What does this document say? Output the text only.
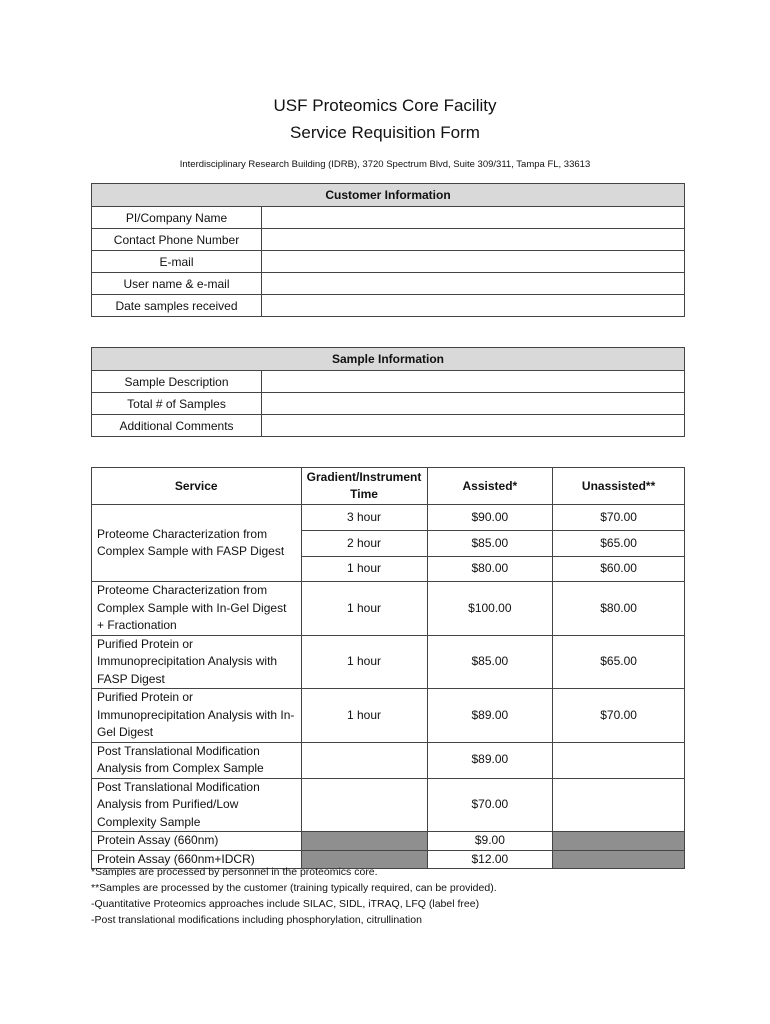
USF Proteomics Core Facility
Service Requisition Form
Interdisciplinary Research Building (IDRB), 3720 Spectrum Blvd, Suite 309/311, Tampa FL, 33613
Customer Information	
PI/Company Name	
Contact Phone Number	
E-mail	
User name & e-mail	
Date samples received	
Sample Information	
Sample Description	
Total # of Samples	
Additional Comments	
Service	Gradient/Instrument Time	Assisted*	Unassisted**
Proteome Characterization from Complex Sample with FASP Digest	3 hour	$90.00	$70.00
	2 hour	$85.00	$65.00
	1 hour	$80.00	$60.00
Proteome Characterization from Complex Sample with In-Gel Digest + Fractionation	1 hour	$100.00	$80.00
Purified Protein or Immunoprecipitation Analysis with FASP Digest	1 hour	$85.00	$65.00
Purified Protein or Immunoprecipitation Analysis with In-Gel Digest	1 hour	$89.00	$70.00
Post Translational Modification Analysis from Complex Sample		$89.00	
Post Translational Modification Analysis from Purified/Low Complexity Sample		$70.00	
Protein Assay (660nm)		$9.00	
Protein Assay (660nm+IDCR)		$12.00	
*Samples are processed by personnel in the proteomics core.
**Samples are processed by the customer (training typically required, can be provided).
-Quantitative Proteomics approaches include SILAC, SIDL, iTRAQ, LFQ (label free)
-Post translational modifications including phosphorylation, citrullination
